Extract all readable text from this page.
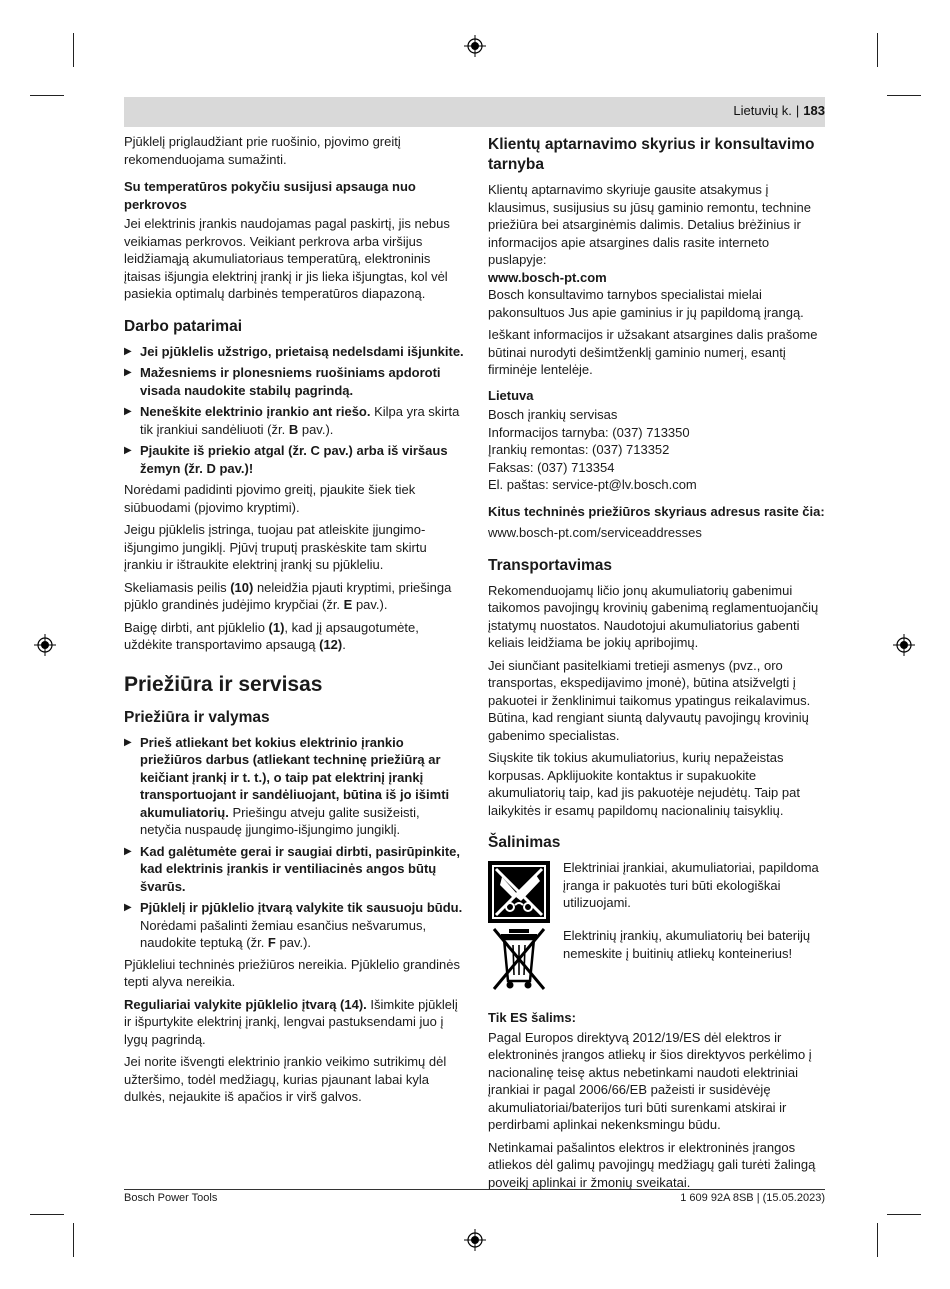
Lietuvių k. | 183

Pjūklelį priglaudžiant prie ruošinio, pjovimo greitį rekomenduojama sumažinti.

Su temperatūros pokyčiu susijusi apsauga nuo perkrovos

Jei elektrinis įrankis naudojamas pagal paskirtį, jis nebus veikiamas perkrovos. Veikiant perkrova arba viršijus leidžiamąją akumuliatoriaus temperatūrą, elektroninis įtaisas išjungia elektrinį įrankį ir jis lieka išjungtas, kol vėl pasiekia optimalų darbinės temperatūros diapazoną.

Darbo patarimai
▶ Jei pjūklelis užstrigo, prietaisą nedelsdami išjunkite.
▶ Mažesniems ir plonesniems ruošiniams apdoroti visada naudokite stabilų pagrindą.
▶ Neneškite elektrinio įrankio ant riešo. Kilpa yra skirta tik įrankiui sandėliuoti (žr. B pav.).
▶ Pjaukite iš priekio atgal (žr. C pav.) arba iš viršaus žemyn (žr. D pav.)!

Norėdami padidinti pjovimo greitį, pjaukite šiek tiek siūbuodami (pjovimo kryptimi).

Jeigu pjūklelis įstringa, tuojau pat atleiskite įjungimo-išjungimo jungiklį. Pjūvį truputį praskėskite tam skirtu įrankiu ir ištraukite elektrinį įrankį su pjūkleliu.

Skeliamasis peilis (10) neleidžia pjauti kryptimi, priešinga pjūklo grandinės judėjimo krypčiai (žr. E pav.).

Baigę dirbti, ant pjūklelio (1), kad jį apsaugotumėte, uždėkite transportavimo apsaugą (12).

Priežiūra ir servisas
Priežiūra ir valymas
▶ Prieš atliekant bet kokius elektrinio įrankio priežiūros darbus (atliekant techninę priežiūrą ar keičiant įrankį ir t. t.), o taip pat elektrinį įrankį transportuojant ir sandėliuojant, būtina iš jo išimti akumuliatorių. Priešingu atveju galite susižeisti, netyčia nuspaudę įjungimo-išjungimo jungiklį.
▶ Kad galėtumėte gerai ir saugiai dirbti, pasirūpinkite, kad elektrinis įrankis ir ventiliacinės angos būtų švarūs.
▶ Pjūklelį ir pjūklelio įtvarą valykite tik sausuoju būdu. Norėdami pašalinti žemiau esančius nešvarumus, naudokite teptuką (žr. F pav.).

Pjūkleliui techninės priežiūros nereikia. Pjūklelio grandinės tepti alyva nereikia.

Reguliariai valykite pjūklelio įtvarą (14). Išimkite pjūklelį ir išpurtykite elektrinį įrankį, lengvai pastuksendami juo į lygų pagrindą.

Jei norite išvengti elektrinio įrankio veikimo sutrikimų dėl užteršimo, todėl medžiagų, kurias pjaunant labai kyla dulkės, nejaukite iš apačios ir virš galvos.

Klientų aptarnavimo skyrius ir konsultavimo tarnyba

Klientų aptarnavimo skyriuje gausite atsakymus į klausimus, susijusius su jūsų gaminio remontu, technine priežiūra bei atsarginėmis dalimis. Detalius brėžinius ir informacijos apie atsargines dalis rasite interneto puslapyje:

www.bosch-pt.com

Bosch konsultavimo tarnybos specialistai mielai pakonsultuos Jus apie gaminius ir jų papildomą įrangą.

Ieškant informacijos ir užsakant atsargines dalis prašome būtinai nurodyti dešimtženklį gaminio numerį, esantį firminėje lentelėje.

Lietuva
Bosch įrankių servisas
Informacijos tarnyba: (037) 713350
Įrankių remontas: (037) 713352
Faksas: (037) 713354
El. paštas: service-pt@lv.bosch.com
Kitus techninės priežiūros skyriaus adresus rasite čia:

www.bosch-pt.com/serviceaddresses

Transportavimas

Rekomenduojamų ličio jonų akumuliatorių gabenimui taikomos pavojingų krovinių gabenimą reglamentuojančių įstatymų nuostatos. Naudotojui akumuliatorius gabenti keliais leidžiama be jokių apribojimų.

Jei siunčiant pasitelkiami tretieji asmenys (pvz., oro transportas, ekspedijavimo įmonė), būtina atsižvelgti į pakuotei ir ženklinimui taikomus ypatingus reikalavimus. Būtina, kad rengiant siuntą dalyvautų pavojingų krovinių gabenimo specialistas.

Siųskite tik tokius akumuliatorius, kurių nepažeistas korpusas. Apklijuokite kontaktus ir supakuokite akumuliatorių taip, kad jis pakuotėje nejudėtų. Taip pat laikykitės ir esamų papildomų nacionalinių taisyklių.

Šalinimas

Elektriniai įrankiai, akumuliatoriai, papildoma įranga ir pakuotės turi būti ekologiškai utilizuojami.

Elektrinių įrankių, akumuliatorių bei baterijų nemeskite į buitinių atliekų konteinerius!

Tik ES šalims:

Pagal Europos direktyvą 2012/19/ES dėl elektros ir elektroninės įrangos atliekų ir šios direktyvos perkėlimo į nacionalinę teisę aktus nebetinkami naudoti elektriniai įrankiai ir pagal 2006/66/EB pažeisti ir susidėvėję akumuliatoriai/baterijos turi būti surenkami atskirai ir perdirbami aplinkai nekenksmingu būdu.

Netinkamai pašalintos elektros ir elektroninės įrangos atliekos dėl galimų pavojingų medžiagų gali turėti žalingą poveikį aplinkai ir žmonių sveikatai.

Bosch Power Tools	1 609 92A 8SB | (15.05.2023)
